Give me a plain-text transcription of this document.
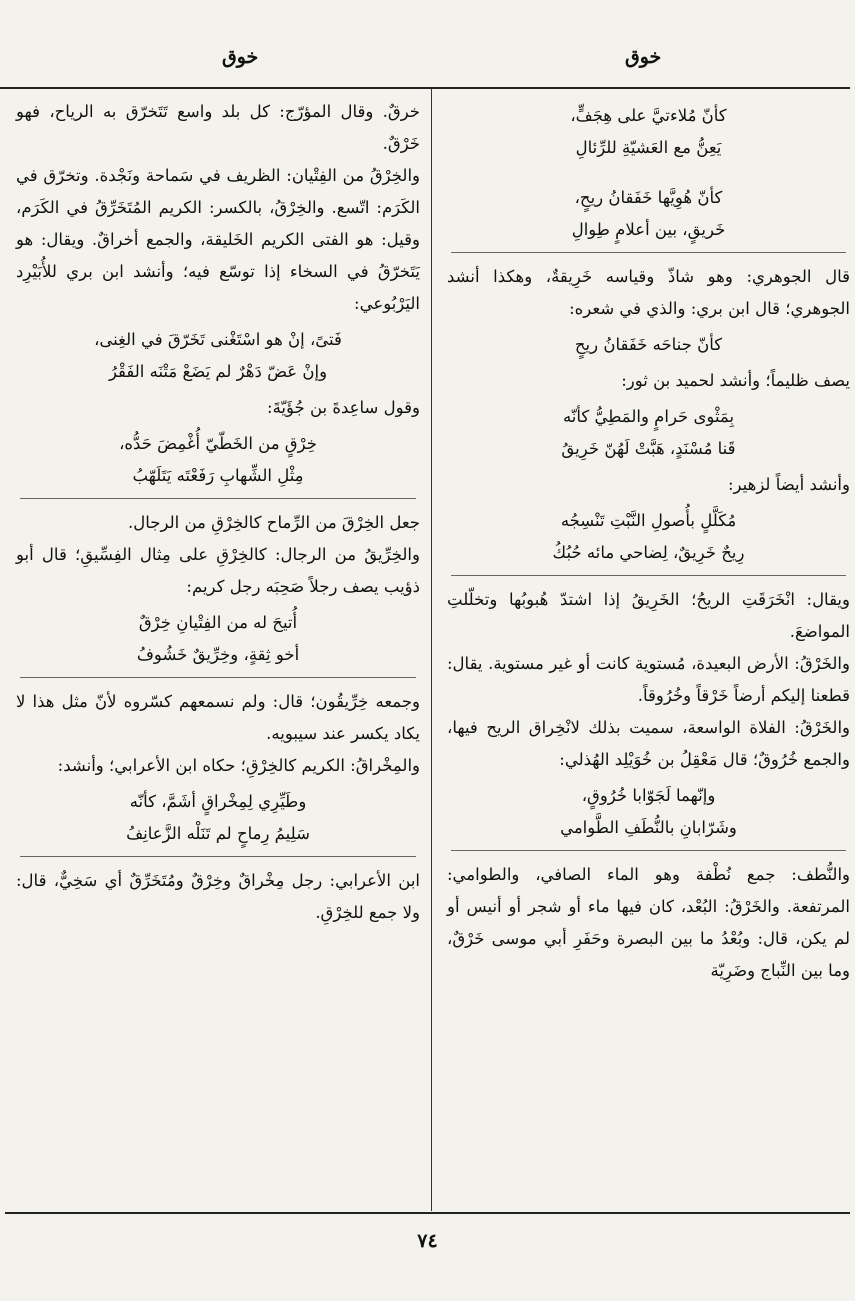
خوق
خوق
كأنّ مُلاءتيَّ على هِجَفٍّ،
يَعِنُّ مع العَشيّةِ للرِّئالِ
كأنّ هُوِيَّها خَفَقانُ ريحٍ،
خَريقٍ، بين أعلامٍ طِوالِ

قال الجوهري: وهو شاذّ وقياسه خَرِيقةٌ، وهكذا أنشد الجوهري؛ قال ابن بري: والذي في شعره:

كأنّ جناحَه خَفَقانُ ريحٍ

يصف ظليماً؛ وأنشد لحميد بن ثور:

بِمَثْوى حَرامٍ والمَطِيُّ كأنّه
قَنا مُسْنَدٍ، هَبَّتْ لَهُنّ خَرِيقُ

وأنشد أيضاً لزهير:

مُكَلَّلٍ بأُصولِ النَّبْتِ تَنْسِجُه
رِيحٌ خَرِيقٌ، لِضاحي مائه حُبُكُ

ويقال: انْخَرَقَتِ الريحُ؛ الخَرِيقُ إذا اشتدّ هُبوبُها وتخلّلتِ المواضعَ.

والخَرْقُ: الأرض البعيدة، مُستوية كانت أو غير مستوية. يقال: قطعنا إليكم أرضاً خَرْقاً وخُرُوقاً.

والخَرْقُ: الفلاة الواسعة، سميت بذلك لانْخِراق الريح فيها، والجمع خُرُوقٌ؛ قال مَعْقِلُ بن خُوَيْلِد الهُذلي:

وإنّهما لَجَوّابا خُرُوقٍ،
وشَرّابانِ بالنُّطَفِ الطَّوامي

والنُّطف: جمع نُطْفة وهو الماء الصافي، والطوامي: المرتفعة. والخَرْقُ: البُعْد، كان فيها ماء أو شجر أو أنيس أو لم يكن، قال: وبُعْدُ ما بين البصرة وحَفَرِ أبي موسى خَرْقٌ، وما بين النِّباج وضَرِيّة

خرقٌ. وقال المؤرّج: كل بلد واسع تَتَخرّق به الرياح، فهو خَرْقٌ.

والخِرْقُ من الفِتْيان: الظريف في سَماحة ونَجْدة. وتخرّق في الكَرَم: اتّسع. والخِرْقُ، بالكسر: الكريم المُتَخَرِّقُ في الكَرَم، وقيل: هو الفتى الكريم الخَليقة، والجمع أخراقٌ. ويقال: هو يَتَخرّقُ في السخاء إذا توسّع فيه؛ وأنشد ابن بري للأُبَيْرِد اليَرْبُوعي:

فَتىً، إنْ هو اسْتَغْنى تَخَرّقَ في الغِنى،
وإنْ عَضّ دَهْرٌ لم يَضَعْ مَتْنَه الفَقْرُ

وقول ساعِدةَ بن جُؤَيّةَ:

خِرْقٍ من الخَطّيّ أُغْمِضَ حَدُّه،
مِثْلِ الشِّهابِ رَفَعْتَه يَتَلَهّبُ

جعل الخِرْقَ من الرِّماح كالخِرْقِ من الرجال.

والخِرِّيقُ من الرجال: كالخِرْقِ على مِثال الفِسِّيقِ؛ قال أبو ذؤيب يصف رجلاً صَحِبَه رجل كريم:

أُتيحَ له من الفِتْيانِ خِرْقٌ
أخو ثِقةٍ، وخِرِّيقٌ خَشُوفُ

وجمعه خِرِّيقُون؛ قال: ولم نسمعهم كسّروه لأنّ مثل هذا لا يكاد يكسر عند سيبويه.

والمِخْراقُ: الكريم كالخِرْقِ؛ حكاه ابن الأعرابي؛ وأنشد:

وطَيِّرِي لِمِخْراقٍ أشَمَّ، كأنّه
سَلِيمُ رِماحٍ لم تَنَلْه الزَّعانِفُ

ابن الأعرابي: رجل مِخْراقٌ وخِرْقٌ ومُتَخَرِّقٌ أي سَخِيٌّ، قال: ولا جمع للخِرْقِ.

٧٤
